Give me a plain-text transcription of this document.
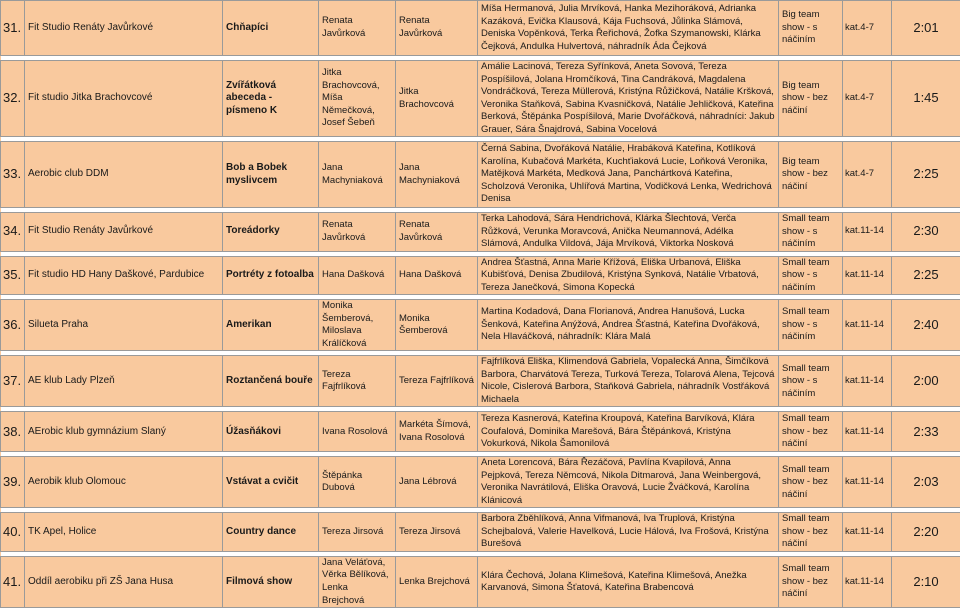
31.	Fit Studio Renáty Javůrkové	Chňapíci	Renata Javůrková	Renata Javůrková	Míša Hermanová, Julia Mrvíková, Hanka Mezihoráková, Adrianka Kazáková, Evička Klausová, Kája Fuchsová, Jůlinka Slámová, Deniska Vopěnková, Terka Řeřichová, Žofka Szymanowski, Klárka Čejková, Andulka Hulvertová, náhradník Áda Čejková	Big team show - s náčiním	kat.4-7	2:01

32.	Fit studio Jitka Brachovcové	Zvířátková abeceda - písmeno K	Jitka Brachovcová, Míša Němečková, Josef Šebeň	Jitka Brachovcová	Amálie Lacinová, Tereza Syřínková, Aneta Sovová, Tereza Pospíšilová, Jolana Hromčíková, Tina Candráková, Magdalena Vondráčková, Tereza Müllerová, Kristýna Růžičková, Natálie Kršková, Veronika Staňková, Sabina Kvasničková, Natálie Jehličková, Kateřina Berková, Štěpánka Pospíšilová, Marie Dvořáčková, náhradníci: Jakub Grauer, Sára Šnajdrová, Sabina Vocelová	Big team show - bez náčiní	kat.4-7	1:45

33.	Aerobic club DDM	Bob a Bobek myslivcem	Jana Machyniaková	Jana Machyniaková	Černá Sabina, Dvořáková Natálie, Hrabáková Kateřina, Kotlíková Karolína, Kubačová Markéta, Kuchťiaková Lucie, Loňková Veronika, Matějková Markéta, Medková Jana, Panchártková Kateřina, Scholzová Veronika, Uhlířová Martina, Vodičková Lenka, Wedrichová Denisa	Big team show - bez náčiní	kat.4-7	2:25

34.	Fit Studio Renáty Javůrkové	Toreádorky	Renata Javůrková	Renata Javůrková	Terka Lahodová, Sára Hendrichová, Klárka Šlechtová, Verča Růžková, Verunka Moravcová, Anička Neumannová, Adélka Slámová, Andulka Vildová, Jája Mrvíková, Viktorka Nosková	Small team show - s náčiním	kat.11-14	2:30

35.	Fit studio HD Hany Daškové, Pardubice	Portréty z fotoalba	Hana Dašková	Hana Dašková	Andrea Šťastná, Anna Marie Křížová, Eliška Urbanová, Eliška Kubišťová, Denisa Zbudilová, Kristýna Synková, Natálie Vrbatová, Tereza Janečková, Simona Kopecká	Small team show - s náčiním	kat.11-14	2:25

36.	Silueta Praha	Amerikan	Monika Šemberová, Miloslava Králíčková	Monika Šemberová	Martina Kodadová, Dana Florianová, Andrea Hanušová, Lucka Šenková, Kateřina Anýžová, Andrea Šťastná, Kateřina Dvořáková, Nela Hlaváčková, náhradník: Klára Malá	Small team show - s náčiním	kat.11-14	2:40

37.	AE klub Lady Plzeň	Roztančená bouře	Tereza Fajfrlíková	Tereza Fajfrlíková	Fajfrlíková Eliška, Klimendová Gabriela, Vopalecká Anna, Šimčíková Barbora, Charvátová Tereza, Turková Tereza, Tolarová Alena, Tejcová Nicole, Cislerová Barbora, Staňková Gabriela, náhradník Vostřáková Michaela	Small team show - s náčiním	kat.11-14	2:00

38.	AErobic klub gymnázium Slaný	Úžasňákovi	Ivana Rosolová	Markéta Šímová, Ivana Rosolová	Tereza Kasnerová, Kateřina Kroupová, Kateřina Barvíková, Klára Coufalová, Dominika Marešová, Bára Štěpánková, Kristýna Vokurková, Nikola Šamonilová	Small team show - bez náčiní	kat.11-14	2:33

39.	Aerobik klub Olomouc	Vstávat a cvičit	Štěpánka Dubová	Jana Lébrová	Aneta Lorencová, Bára Řezáčová, Pavlína Kvapilová, Anna Pejpková, Tereza Němcová, Nikola Ditmarová, Jana Weinbergová, Veronika Navrátilová, Eliška Oravová, Lucie Žváčková, Karolína Klánicová	Small team show - bez náčiní	kat.11-14	2:03

40.	TK Apel, Holice	Country dance	Tereza Jirsová	Tereza Jirsová	Barbora Zběhlíková, Anna Vifmanová, Iva Truplová, Kristýna Schejbalová, Valerie Havelková, Lucie Hálová, Iva Frošová, Kristýna Burešová	Small team show - bez náčiní	kat.11-14	2:20

41.	Oddíl aerobiku při ZŠ Jana Husa	Filmová show	Jana Veláťová, Věrka Bělíková, Lenka Brejchová	Lenka Brejchová	Klára Čechová, Jolana Klimešová, Kateřina Klimešová, Anežka Karvanová, Simona Šťatová, Kateřina Brabencová	Small team show - bez náčiní	kat.11-14	2:10
